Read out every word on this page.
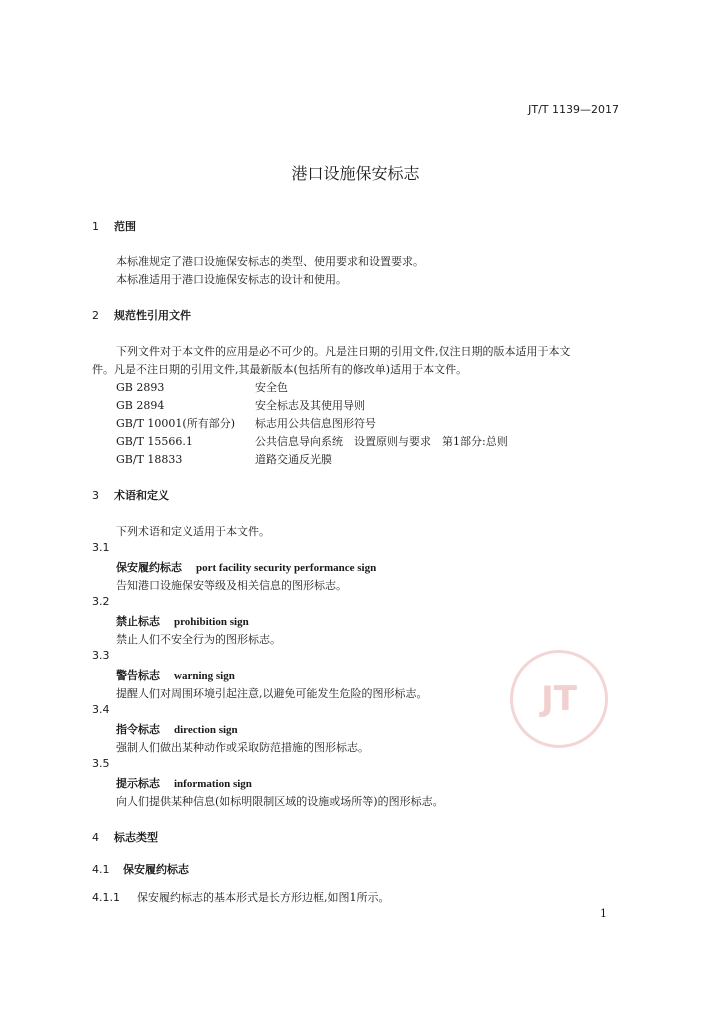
JT/T 1139—2017
港口设施保安标志
1 范围
本标准规定了港口设施保安标志的类型、使用要求和设置要求。
本标准适用于港口设施保安标志的设计和使用。
2 规范性引用文件
下列文件对于本文件的应用是必不可少的。凡是注日期的引用文件,仅注日期的版本适用于本文
件。凡是不注日期的引用文件,其最新版本(包括所有的修改单)适用于本文件。
GB 2893	安全色
GB 2894	安全标志及其使用导则
GB/T 10001(所有部分) 标志用公共信息图形符号
GB/T 15566.1	公共信息导向系统　设置原则与要求　第1部分:总则
GB/T 18833	道路交通反光膜
3 术语和定义
下列术语和定义适用于本文件。
3.1
保安履约标志 port facility security performance sign
告知港口设施保安等级及相关信息的图形标志。
3.2
禁止标志 prohibition sign
禁止人们不安全行为的图形标志。
3.3
警告标志 warning sign
提醒人们对周围环境引起注意,以避免可能发生危险的图形标志。
3.4
指令标志 direction sign
强制人们做出某种动作或采取防范措施的图形标志。
3.5
提示标志 information sign
向人们提供某种信息(如标明限制区域的设施或场所等)的图形标志。
4 标志类型
4.1 保安履约标志
4.1.1 保安履约标志的基本形式是长方形边框,如图1所示。
JT
1
